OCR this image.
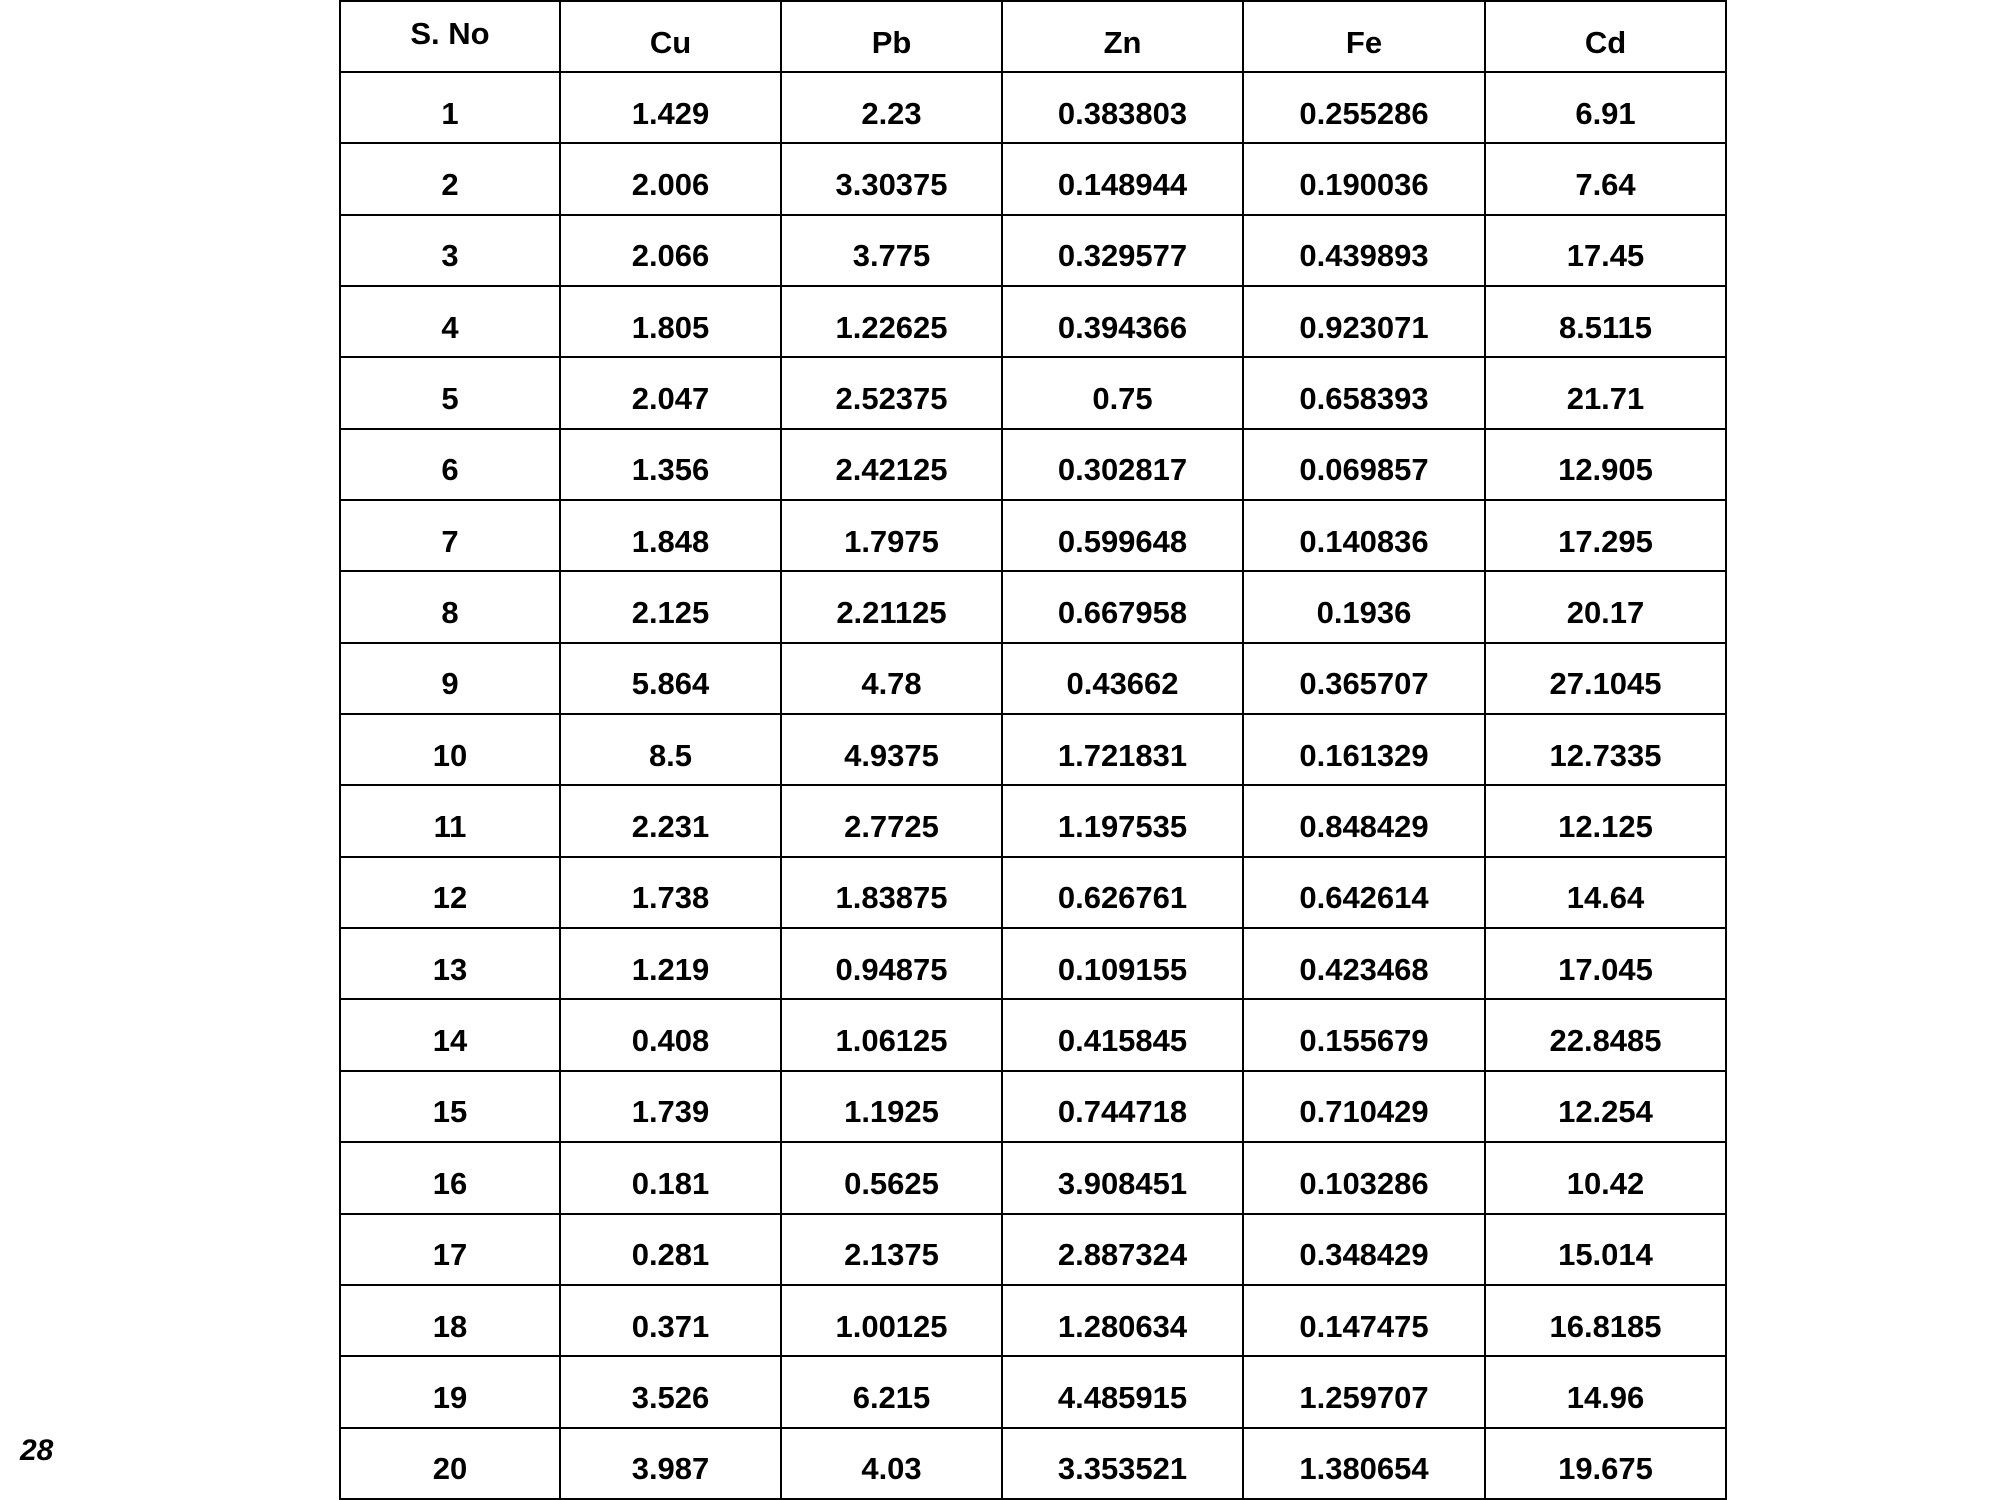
S. No	Cu	Pb	Zn	Fe	Cd
1	1.429	2.23	0.383803	0.255286	6.91
2	2.006	3.30375	0.148944	0.190036	7.64
3	2.066	3.775	0.329577	0.439893	17.45
4	1.805	1.22625	0.394366	0.923071	8.5115
5	2.047	2.52375	0.75	0.658393	21.71
6	1.356	2.42125	0.302817	0.069857	12.905
7	1.848	1.7975	0.599648	0.140836	17.295
8	2.125	2.21125	0.667958	0.1936	20.17
9	5.864	4.78	0.43662	0.365707	27.1045
10	8.5	4.9375	1.721831	0.161329	12.7335
11	2.231	2.7725	1.197535	0.848429	12.125
12	1.738	1.83875	0.626761	0.642614	14.64
13	1.219	0.94875	0.109155	0.423468	17.045
14	0.408	1.06125	0.415845	0.155679	22.8485
15	1.739	1.1925	0.744718	0.710429	12.254
16	0.181	0.5625	3.908451	0.103286	10.42
17	0.281	2.1375	2.887324	0.348429	15.014
18	0.371	1.00125	1.280634	0.147475	16.8185
19	3.526	6.215	4.485915	1.259707	14.96
20	3.987	4.03	3.353521	1.380654	19.675
28
